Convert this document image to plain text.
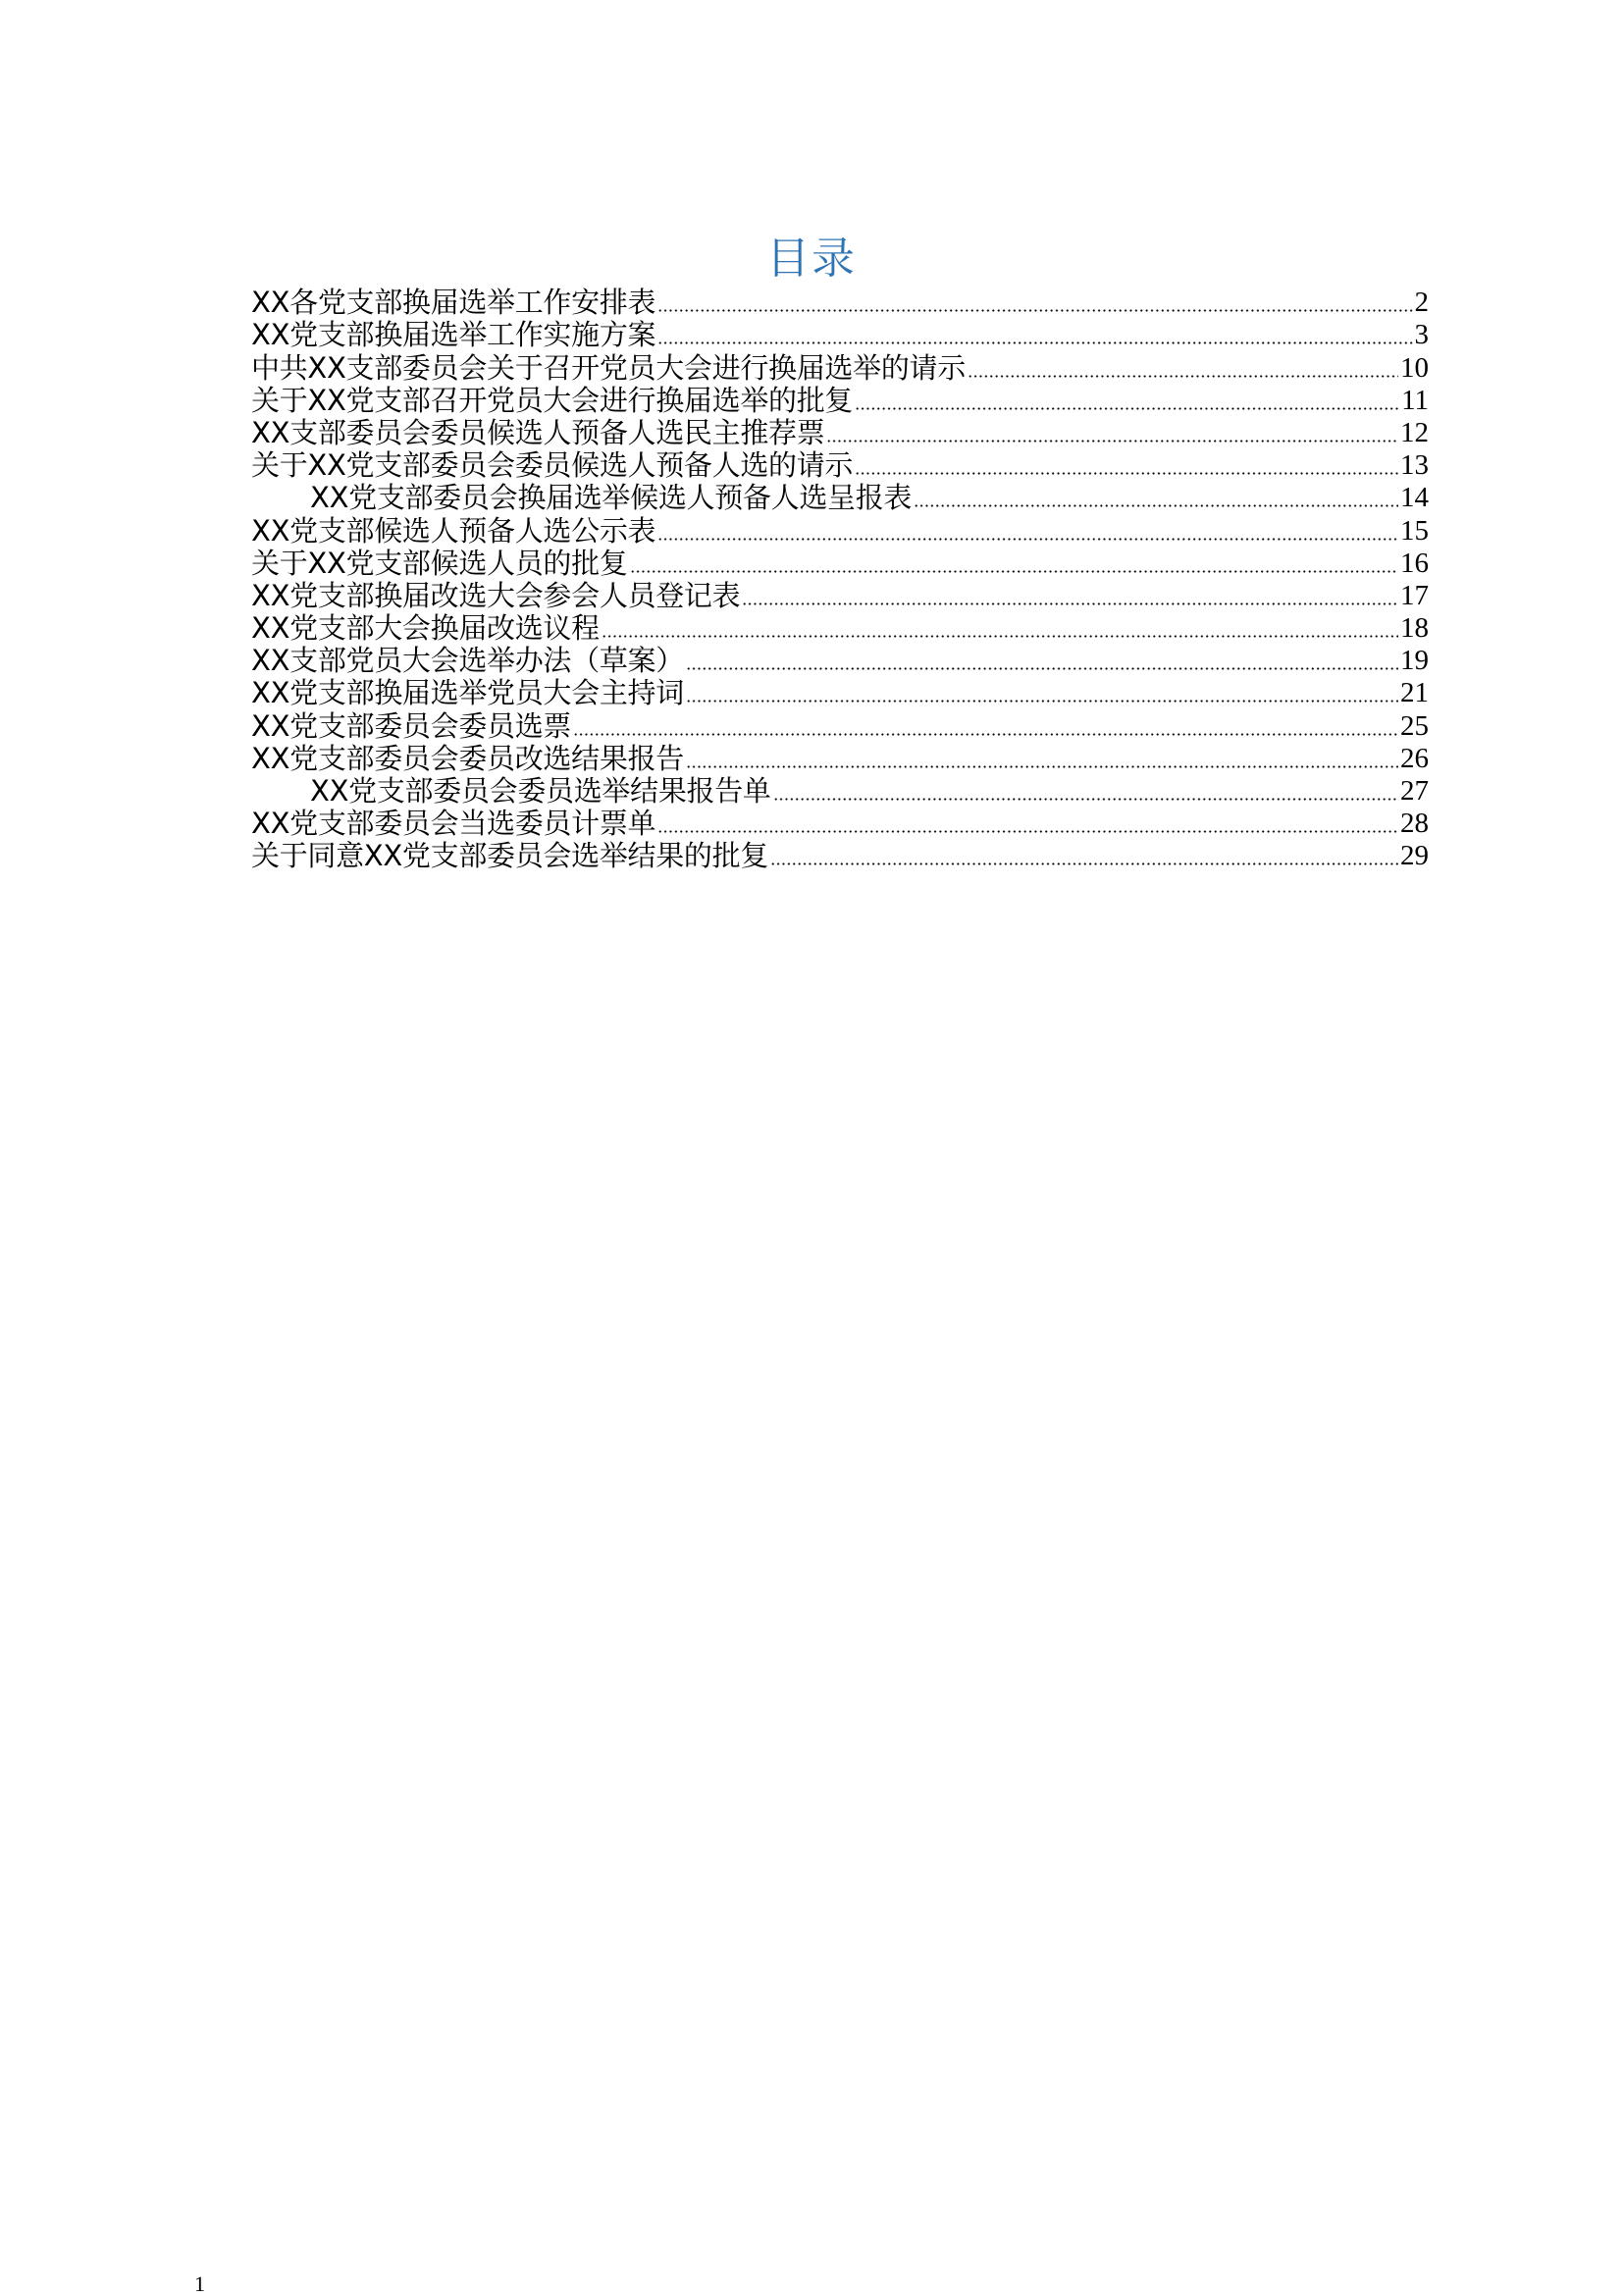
目录
XX各党支部换届选举工作安排表	2
XX党支部换届选举工作实施方案	3
中共XX支部委员会关于召开党员大会进行换届选举的请示	10
关于XX党支部召开党员大会进行换届选举的批复	11
XX支部委员会委员候选人预备人选民主推荐票	12
关于XX党支部委员会委员候选人预备人选的请示	13
XX党支部委员会换届选举候选人预备人选呈报表	14
XX党支部候选人预备人选公示表	15
关于XX党支部候选人员的批复	16
XX党支部换届改选大会参会人员登记表	17
XX党支部大会换届改选议程	18
XX支部党员大会选举办法（草案）	19
XX党支部换届选举党员大会主持词	21
XX党支部委员会委员选票	25
XX党支部委员会委员改选结果报告	26
XX党支部委员会委员选举结果报告单	27
XX党支部委员会当选委员计票单	28
关于同意XX党支部委员会选举结果的批复	29
1
